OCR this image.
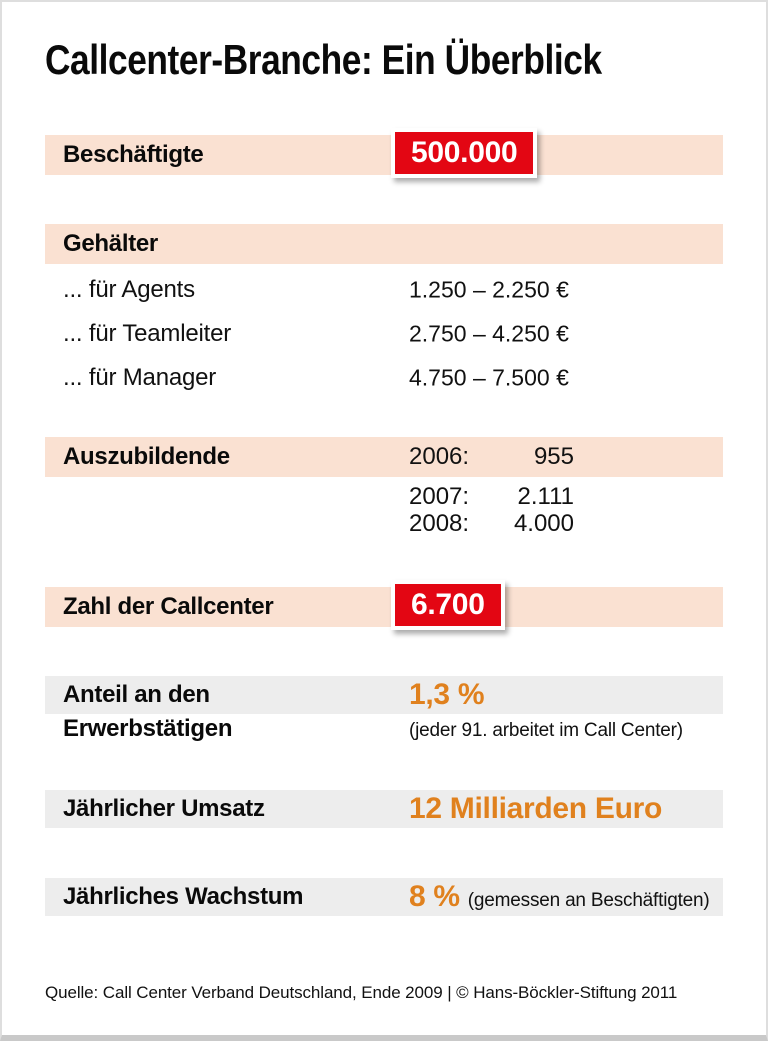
Callcenter-Branche: Ein Überblick
Beschäftigte	500.000
Gehälter
... für Agents	1.250 – 2.250 €
... für Teamleiter	2.750 – 4.250 €
... für Manager	4.750 – 7.500 €
Auszubildende	2006:	955
2007:	2.111
2008:	4.000
Zahl der Callcenter	6.700
Anteil an den	1,3 %
Erwerbstätigen	(jeder 91. arbeitet im Call Center)
Jährlicher Umsatz	12 Milliarden Euro
Jährliches Wachstum	8 % (gemessen an Beschäftigten)
Quelle: Call Center Verband Deutschland, Ende 2009 | © Hans-Böckler-Stiftung 2011
